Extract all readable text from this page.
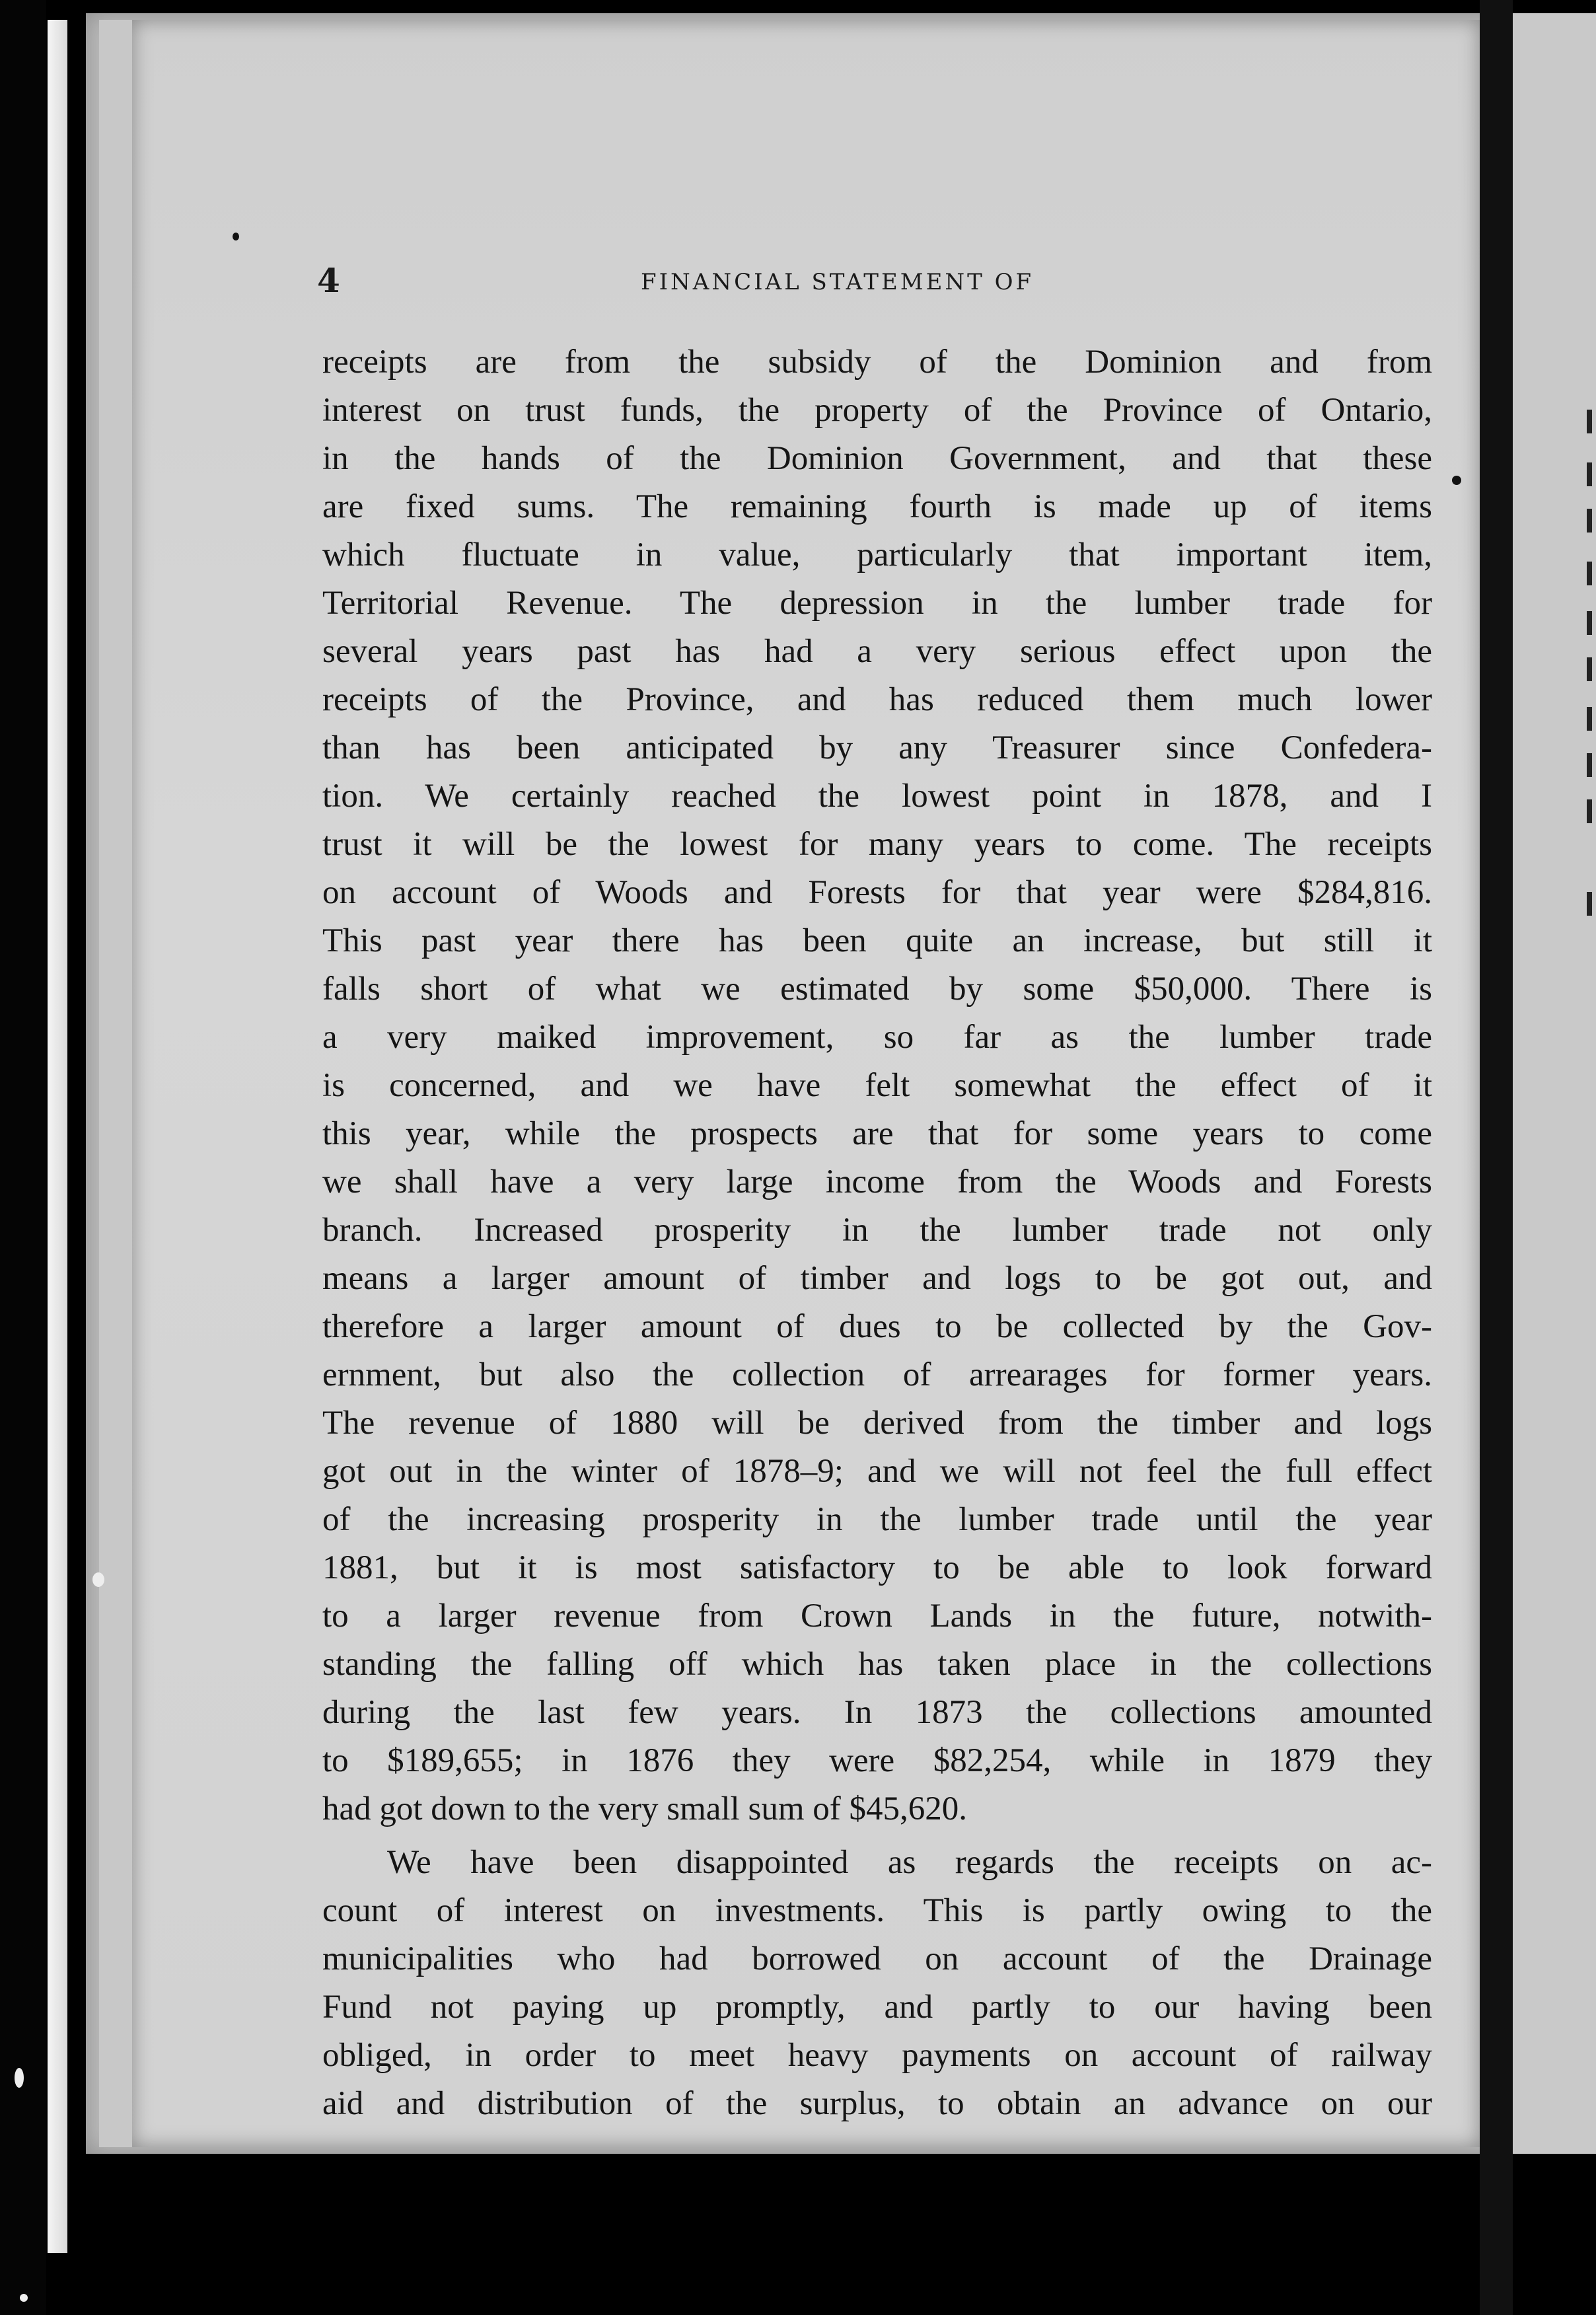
4	FINANCIAL STATEMENT OF
receipts are from the subsidy of the Dominion and from
interest on trust funds, the property of the Province of Ontario,
in the hands of the Dominion Government, and that these
are fixed sums. The remaining fourth is made up of items
which fluctuate in value, particularly that important item,
Territorial Revenue. The depression in the lumber trade for
several years past has had a very serious effect upon the
receipts of the Province, and has reduced them much lower
than has been anticipated by any Treasurer since Confedera-
tion. We certainly reached the lowest point in 1878, and I
trust it will be the lowest for many years to come. The receipts
on account of Woods and Forests for that year were $284,816.
This past year there has been quite an increase, but still it
falls short of what we estimated by some $50,000. There is
a very maiked improvement, so far as the lumber trade
is concerned, and we have felt somewhat the effect of it
this year, while the prospects are that for some years to come
we shall have a very large income from the Woods and Forests
branch. Increased prosperity in the lumber trade not only
means a larger amount of timber and logs to be got out, and
therefore a larger amount of dues to be collected by the Gov-
ernment, but also the collection of arrearages for former years.
The revenue of 1880 will be derived from the timber and logs
got out in the winter of 1878–9; and we will not feel the full effect
of the increasing prosperity in the lumber trade until the year
1881, but it is most satisfactory to be able to look forward
to a larger revenue from Crown Lands in the future, notwith-
standing the falling off which has taken place in the collections
during the last few years. In 1873 the collections amounted
to $189,655; in 1876 they were $82,254, while in 1879 they
had got down to the very small sum of $45,620.
We have been disappointed as regards the receipts on ac-
count of interest on investments. This is partly owing to the
municipalities who had borrowed on account of the Drainage
Fund not paying up promptly, and partly to our having been
obliged, in order to meet heavy payments on account of railway
aid and distribution of the surplus, to obtain an advance on our
